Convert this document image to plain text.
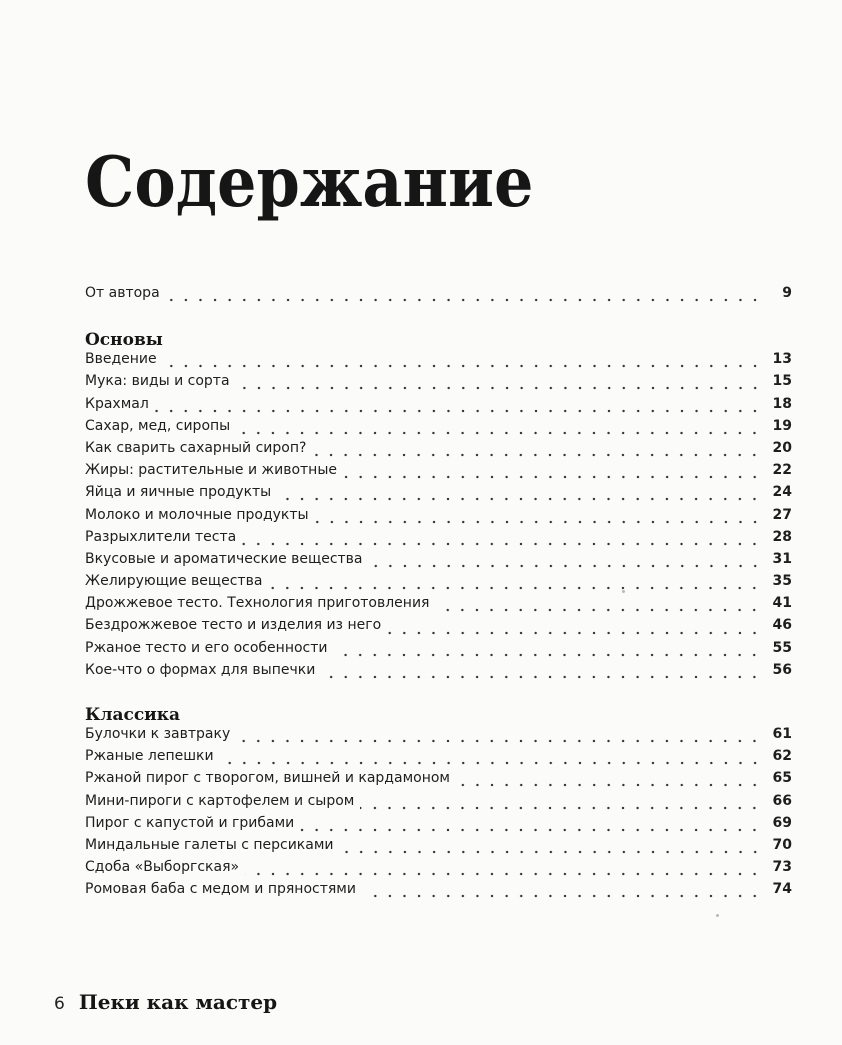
Содержание
От автора	9
Основы
Введение	13
Мука: виды и сорта	15
Крахмал	18
Сахар, мед, сиропы	19
Как сварить сахарный сироп?	20
Жиры: растительные и животные	22
Яйца и яичные продукты	24
Молоко и молочные продукты	27
Разрыхлители теста	28
Вкусовые и ароматические вещества	31
Желирующие вещества	35
Дрожжевое тесто. Технология приготовления	41
Бездрожжевое тесто и изделия из него	46
Ржаное тесто и его особенности	55
Кое-что о формах для выпечки	56
Классика
Булочки к завтраку	61
Ржаные лепешки	62
Ржаной пирог с творогом, вишней и кардамоном	65
Мини-пироги с картофелем и сыром	66
Пирог с капустой и грибами	69
Миндальные галеты с персиками	70
Сдоба «Выборгская»	73
Ромовая баба с медом и пряностями	74
6 Пеки как мастер
